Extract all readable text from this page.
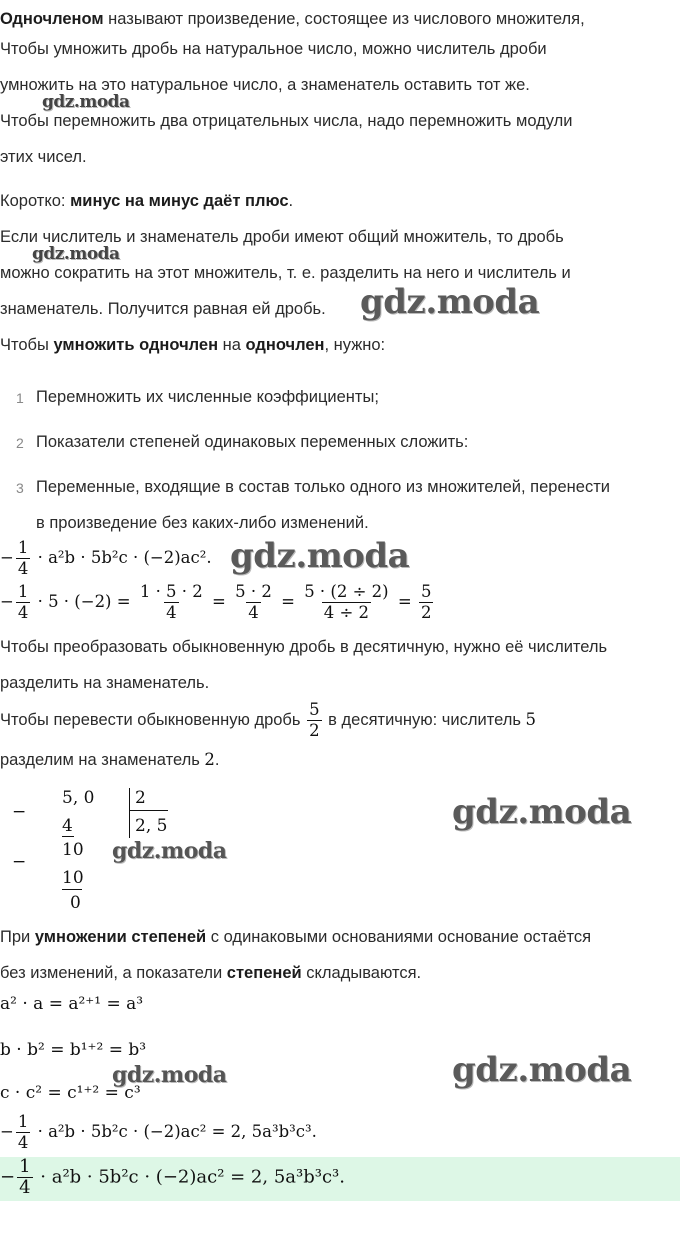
Одночленом называют произведение, состоящее из числового множителя,
Чтобы умножить дробь на натуральное число, можно числитель дроби
умножить на это натуральное число, а знаменатель оставить тот же.
gdz.moda
Чтобы перемножить два отрицательных числа, надо перемножить модули
этих чисел.
Коротко: минус на минус даёт плюс.
Если числитель и знаменатель дроби имеют общий множитель, то дробь
gdz.moda
можно сократить на этот множитель, т. е. разделить на него и числитель и
знаменатель. Получится равная ей дробь. gdz.moda
Чтобы умножить одночлен на одночлен, нужно:
1 Перемножить их численные коэффициенты;
2 Показатели степеней одинаковых переменных сложить:
3 Переменные, входящие в состав только одного из множителей, перенести
в произведение без каких-либо изменений.
− $\frac{1}{4} \cdot a^2b \cdot 5b^2c \cdot (-2)ac^2$. gdz.moda
− $\frac{1}{4} \cdot 5 \cdot (-2) = \frac{1 \cdot 5 \cdot 2}{4} = \frac{5 \cdot 2}{4} = \frac{5 \cdot (2 \div 2)}{4 \div 2} = \frac{5}{2}$
Чтобы преобразовать обыкновенную дробь в десятичную, нужно её числитель
разделить на знаменатель.
Чтобы перевести обыкновенную дробь $\frac{5}{2}$ в десятичную: числитель 5
разделим на знаменатель 2.
−
5, 0
4
−
10
10
0
2
2, 5	gdz.moda
gdz.moda
При умножении степеней с одинаковыми основаниями основание остаётся
без изменений, а показатели степеней складываются.
a² · a = a²⁺¹ = a³
b · b² = b¹⁺² = b³
c · c² = c¹⁺² = c³
gdz.moda	gdz.moda
− $\frac{1}{4} \cdot a^2b \cdot 5b^2c \cdot (-2)ac^2 = 2$, 5a³b³c³.
− $\frac{1}{4} \cdot a^2b \cdot 5b^2c \cdot (-2)ac^2 = 2$, 5a³b³c³.
